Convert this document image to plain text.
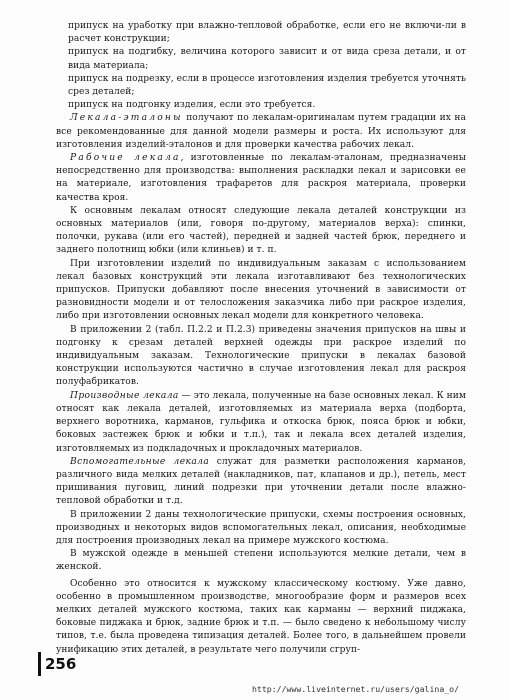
припуск на уработку при влажно-тепловой обработке, если его не включи-ли в расчет конструкции;

припуск на подгибку, величина которого зависит и от вида среза детали, и от вида материала;

припуск на подрезку, если в процессе изготовления изделия требуется уточнять срез деталей;

припуск на подгонку изделия, если это требуется.

Лекала-эталоны получают по лекалам-оригиналам путем градации их на все рекомендованные для данной модели размеры и роста. Их используют для изготовления изделий-эталонов и для проверки качества рабочих лекал.

Рабочие лекала, изготовленные по лекалам-эталонам, предназначены непосредственно для производства: выполнения раскладки лекал и зарисовки ее на материале, изготовления трафаретов для раскроя материала, проверки качества кроя.

К основным лекалам относят следующие лекала деталей конструкции из основных материалов (или, говоря по-другому, материалов верха): спинки, полочки, рукава (или его частей), передней и задней частей брюк, переднего и заднего полотнищ юбки (или клиньев) и т. п.

При изготовлении изделий по индивидуальным заказам с использованием лекал базовых конструкций эти лекала изготавливают без технологических припусков. Припуски добавляют после внесения уточнений в зависимости от разновидности модели и от телосложения заказчика либо при раскрое изделия, либо при изготовлении основных лекал модели для конкретного человека.

В приложении 2 (табл. П.2.2 и П.2.3) приведены значения припусков на швы и подгонку к срезам деталей верхней одежды при раскрое изделий по индивидуальным заказам. Технологические припуски в лекалах базовой конструкции используются частично в случае изготовления лекал для раскроя полуфабрикатов.

Производные лекала — это лекала, полученные на базе основных лекал. К ним относят как лекала деталей, изготовляемых из материала верха (подборта, верхнего воротника, карманов, гульфика и откоска брюк, пояса брюк и юбки, боковых застежек брюк и юбки и т.п.), так и лекала всех деталей изделия, изготовляемых из подкладочных и прокладочных материалов.

Вспомогательные лекала служат для разметки расположения карманов, различного вида мелких деталей (накладников, пат, клапанов и др.), петель, мест пришивания пуговиц, линий подрезки при уточнении детали после влажно-тепловой обработки и т.д.

В приложении 2 даны технологические припуски, схемы построения основных, производных и некоторых видов вспомогательных лекал, описания, необходимые для построения производных лекал на примере мужского костюма.

В мужской одежде в меньшей степени используются мелкие детали, чем в женской.

Особенно это относится к мужскому классическому костюму. Уже давно, особенно в промышленном производстве, многообразие форм и размеров всех мелких деталей мужского костюма, таких как карманы — верхний пиджака, боковые пиджака и брюк, задние брюк и т.п. — было сведено к небольшому числу типов, т.е. была проведена типизация деталей. Более того, в дальнейшем провели унификацию этих деталей, в результате чего получили сгруп-

256
http://www.liveinternet.ru/users/galina_o/
